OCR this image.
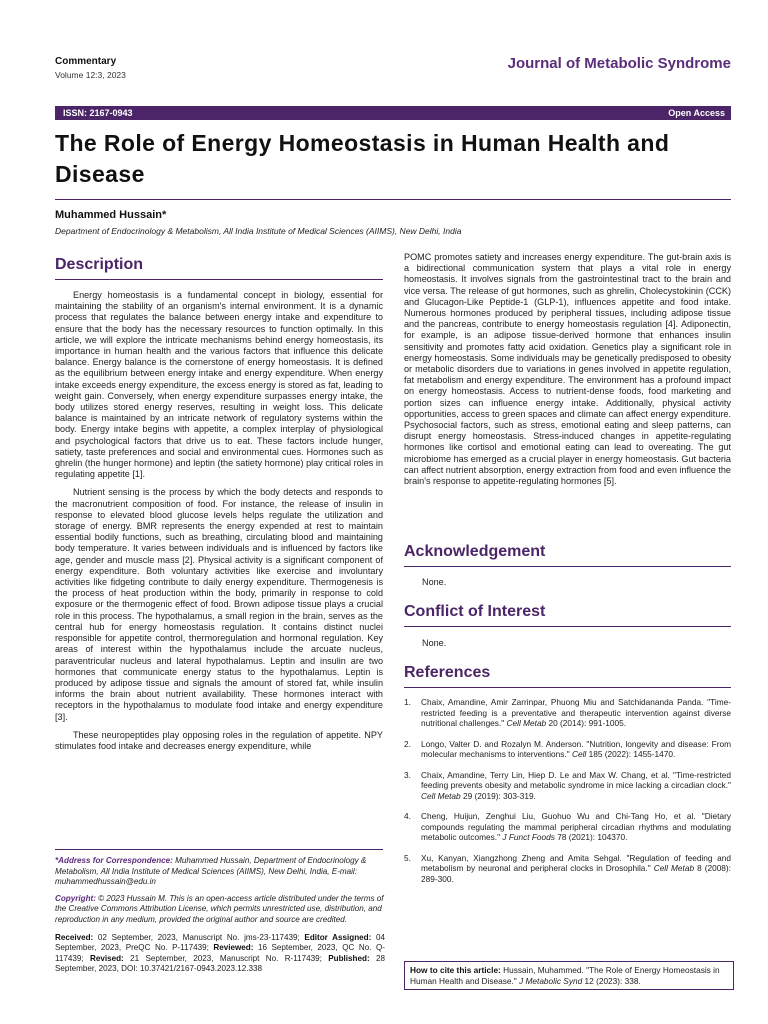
Commentary
Volume 12:3, 2023
Journal of Metabolic Syndrome
ISSN: 2167-0943	Open Access
The Role of Energy Homeostasis in Human Health and Disease
Muhammed Hussain*
Department of Endocrinology & Metabolism, All India Institute of Medical Sciences (AIIMS), New Delhi, India
Description

Energy homeostasis is a fundamental concept in biology, essential for maintaining the stability of an organism's internal environment. It is a dynamic process that regulates the balance between energy intake and expenditure to ensure that the body has the necessary resources to function optimally. In this article, we will explore the intricate mechanisms behind energy homeostasis, its importance in human health and the various factors that influence this delicate balance. Energy balance is the cornerstone of energy homeostasis. It is defined as the equilibrium between energy intake and energy expenditure. When energy intake exceeds energy expenditure, the excess energy is stored as fat, leading to weight gain. Conversely, when energy expenditure surpasses energy intake, the body utilizes stored energy reserves, resulting in weight loss. This delicate balance is maintained by an intricate network of regulatory systems within the body. Energy intake begins with appetite, a complex interplay of physiological and psychological factors that drive us to eat. These factors include hunger, satiety, taste preferences and social and environmental cues. Hormones such as ghrelin (the hunger hormone) and leptin (the satiety hormone) play critical roles in regulating appetite [1].

Nutrient sensing is the process by which the body detects and responds to the macronutrient composition of food. For instance, the release of insulin in response to elevated blood glucose levels helps regulate the utilization and storage of energy. BMR represents the energy expended at rest to maintain essential bodily functions, such as breathing, circulating blood and maintaining body temperature. It varies between individuals and is influenced by factors like age, gender and muscle mass [2]. Physical activity is a significant component of energy expenditure. Both voluntary activities like exercise and involuntary activities like fidgeting contribute to daily energy expenditure. Thermogenesis is the process of heat production within the body, primarily in response to cold exposure or the thermogenic effect of food. Brown adipose tissue plays a crucial role in this process. The hypothalamus, a small region in the brain, serves as the central hub for energy homeostasis regulation. It contains distinct nuclei responsible for appetite control, thermoregulation and hormonal regulation. Key areas of interest within the hypothalamus include the arcuate nucleus, paraventricular nucleus and lateral hypothalamus. Leptin and insulin are two hormones that communicate energy status to the hypothalamus. Leptin is produced by adipose tissue and signals the amount of stored fat, while insulin informs the brain about nutrient availability. These hormones interact with receptors in the hypothalamus to modulate food intake and energy expenditure [3].

These neuropeptides play opposing roles in the regulation of appetite. NPY stimulates food intake and decreases energy expenditure, while

POMC promotes satiety and increases energy expenditure. The gut-brain axis is a bidirectional communication system that plays a vital role in energy homeostasis. It involves signals from the gastrointestinal tract to the brain and vice versa. The release of gut hormones, such as ghrelin, Cholecystokinin (CCK) and Glucagon-Like Peptide-1 (GLP-1), influences appetite and food intake. Numerous hormones produced by peripheral tissues, including adipose tissue and the pancreas, contribute to energy homeostasis regulation [4]. Adiponectin, for example, is an adipose tissue-derived hormone that enhances insulin sensitivity and promotes fatty acid oxidation. Genetics play a significant role in energy homeostasis. Some individuals may be genetically predisposed to obesity or metabolic disorders due to variations in genes involved in appetite regulation, fat metabolism and energy expenditure. The environment has a profound impact on energy homeostasis. Access to nutrient-dense foods, food marketing and portion sizes can influence energy intake. Additionally, physical activity opportunities, access to green spaces and climate can affect energy expenditure. Psychosocial factors, such as stress, emotional eating and sleep patterns, can disrupt energy homeostasis. Stress-induced changes in appetite-regulating hormones like cortisol and emotional eating can lead to overeating. The gut microbiome has emerged as a crucial player in energy homeostasis. Gut bacteria can affect nutrient absorption, energy extraction from food and even influence the brain's response to appetite-regulating hormones [5].

Acknowledgement
None.
Conflict of Interest
None.
References
1. Chaix, Amandine, Amir Zarrinpar, Phuong Miu and Satchidananda Panda. "Time-restricted feeding is a preventative and therapeutic intervention against diverse nutritional challenges." Cell Metab 20 (2014): 991-1005.
2. Longo, Valter D. and Rozalyn M. Anderson. "Nutrition, longevity and disease: From molecular mechanisms to interventions." Cell 185 (2022): 1455-1470.
3. Chaix, Amandine, Terry Lin, Hiep D. Le and Max W. Chang, et al. "Time-restricted feeding prevents obesity and metabolic syndrome in mice lacking a circadian clock." Cell Metab 29 (2019): 303-319.
4. Cheng, Huijun, Zenghui Liu, Guohuo Wu and Chi-Tang Ho, et al. "Dietary compounds regulating the mammal peripheral circadian rhythms and modulating metabolic outcomes." J Funct Foods 78 (2021): 104370.
5. Xu, Kanyan, Xiangzhong Zheng and Amita Sehgal. "Regulation of feeding and metabolism by neuronal and peripheral clocks in Drosophila." Cell Metab 8 (2008): 289-300.

*Address for Correspondence: Muhammed Hussain, Department of Endocrinology & Metabolism, All India Institute of Medical Sciences (AIIMS), New Delhi, India, E-mail: muhammedhussain@edu.in

Copyright: © 2023 Hussain M. This is an open-access article distributed under the terms of the Creative Commons Attribution License, which permits unrestricted use, distribution, and reproduction in any medium, provided the original author and source are credited.

Received: 02 September, 2023, Manuscript No. jms-23-117439; Editor Assigned: 04 September, 2023, PreQC No. P-117439; Reviewed: 16 September, 2023, QC No. Q-117439; Revised: 21 September, 2023, Manuscript No. R-117439; Published: 28 September, 2023, DOI: 10.37421/2167-0943.2023.12.338	How to cite this article: Hussain, Muhammed. "The Role of Energy Homeostasis in Human Health and Disease." J Metabolic Synd 12 (2023): 338.
